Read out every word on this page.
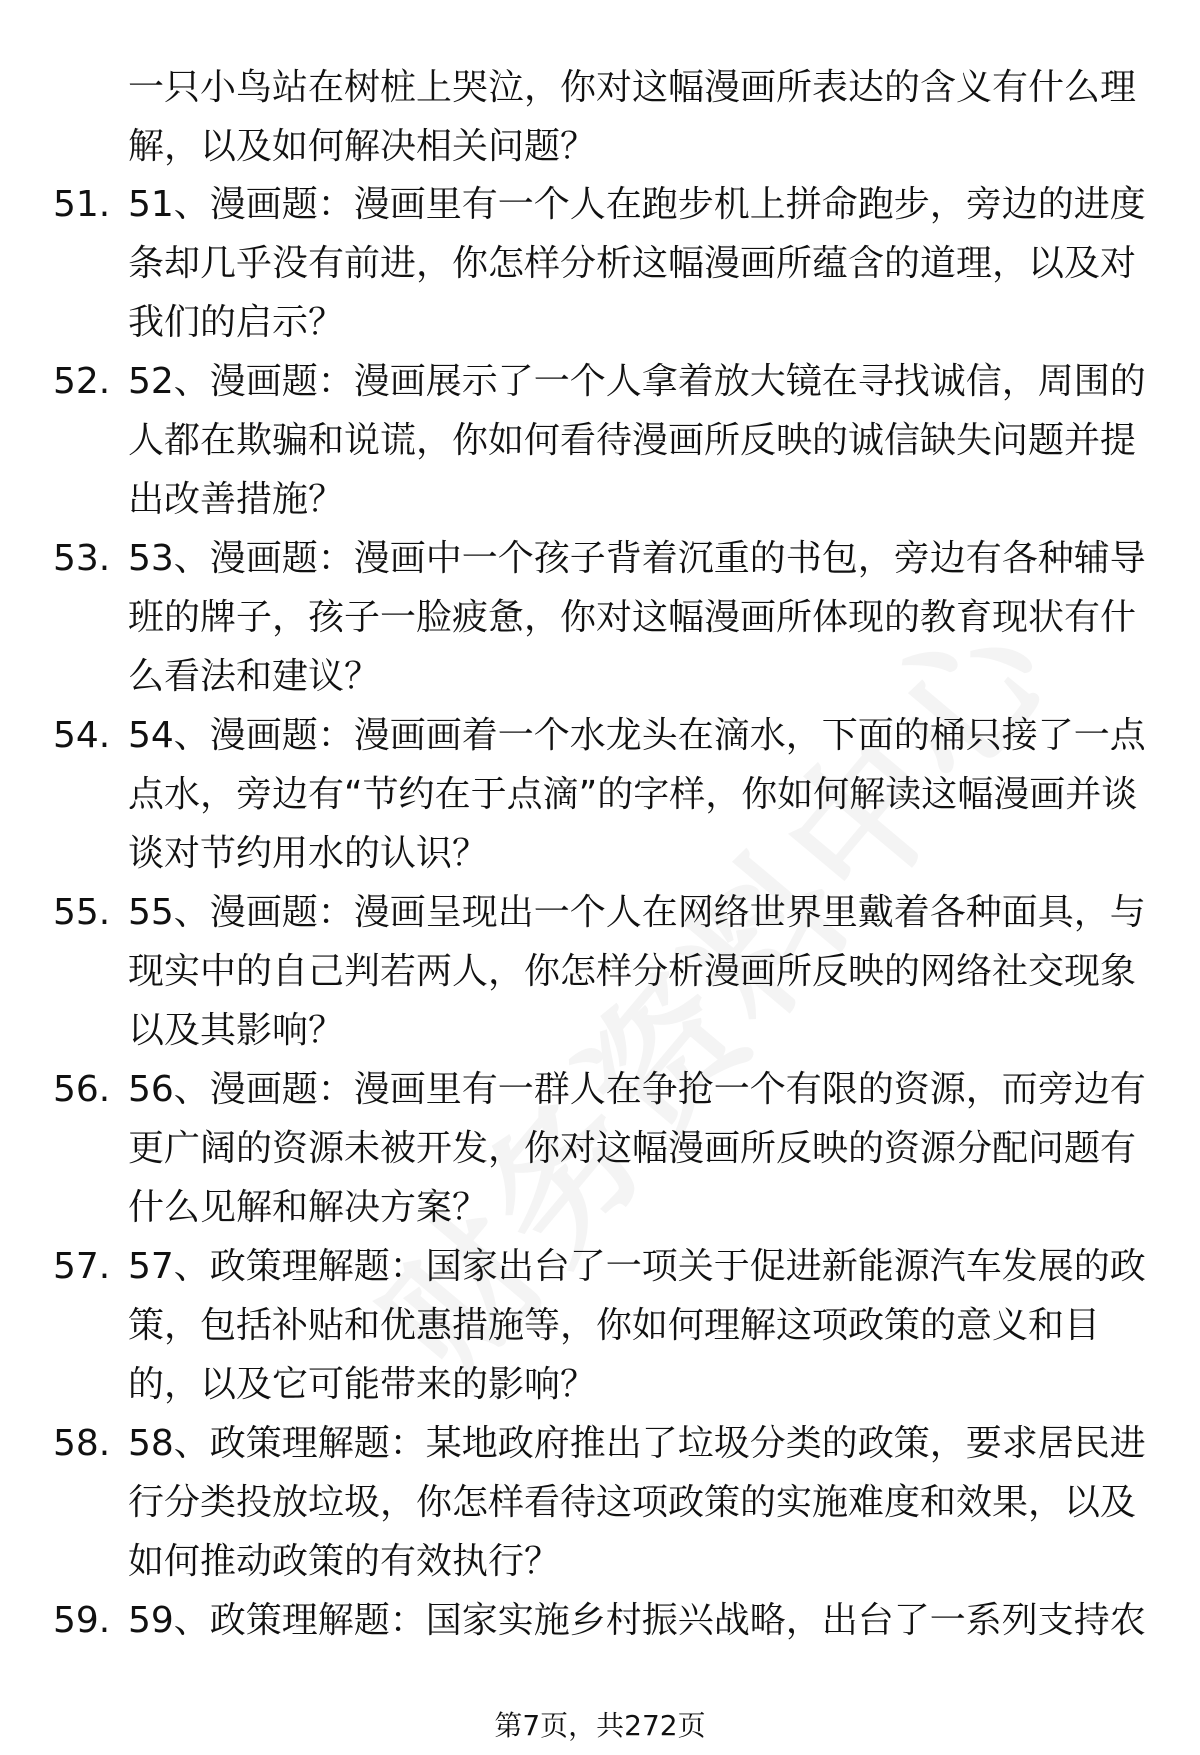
一只小鸟站在树桩上哭泣，你对这幅漫画所表达的含义有什么理解，以及如何解决相关问题？
51. 51、漫画题：漫画里有一个人在跑步机上拼命跑步，旁边的进度条却几乎没有前进，你怎样分析这幅漫画所蕴含的道理，以及对我们的启示？
52. 52、漫画题：漫画展示了一个人拿着放大镜在寻找诚信，周围的人都在欺骗和说谎，你如何看待漫画所反映的诚信缺失问题并提出改善措施？
53. 53、漫画题：漫画中一个孩子背着沉重的书包，旁边有各种辅导班的牌子，孩子一脸疲惫，你对这幅漫画所体现的教育现状有什么看法和建议？
54. 54、漫画题：漫画画着一个水龙头在滴水，下面的桶只接了一点点水，旁边有“节约在于点滴”的字样，你如何解读这幅漫画并谈谈对节约用水的认识？
55. 55、漫画题：漫画呈现出一个人在网络世界里戴着各种面具，与现实中的自己判若两人，你怎样分析漫画所反映的网络社交现象以及其影响？
56. 56、漫画题：漫画里有一群人在争抢一个有限的资源，而旁边有更广阔的资源未被开发，你对这幅漫画所反映的资源分配问题有什么见解和解决方案？
57. 57、政策理解题：国家出台了一项关于促进新能源汽车发展的政策，包括补贴和优惠措施等，你如何理解这项政策的意义和目的，以及它可能带来的影响？
58. 58、政策理解题：某地政府推出了垃圾分类的政策，要求居民进行分类投放垃圾，你怎样看待这项政策的实施难度和效果，以及如何推动政策的有效执行？
59. 59、政策理解题：国家实施乡村振兴战略，出台了一系列支持农
第7页，共272页
